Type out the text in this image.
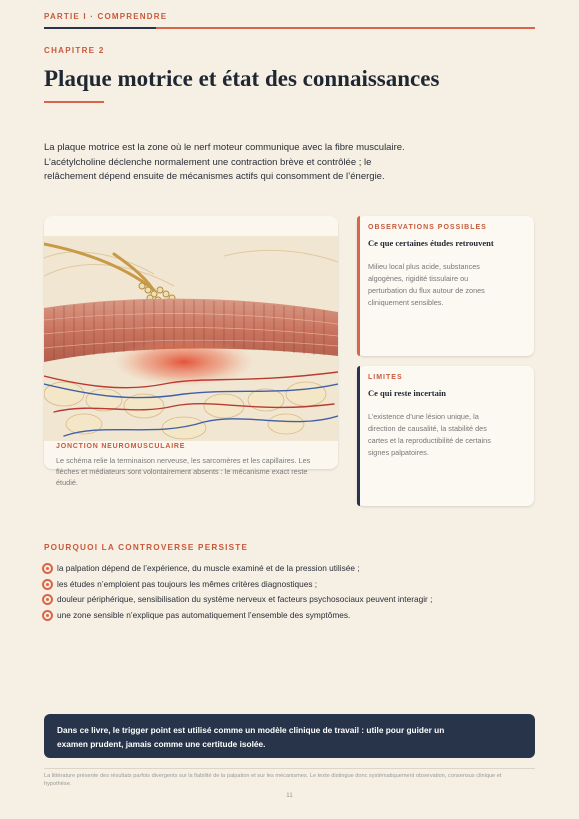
PARTIE I · COMPRENDRE
CHAPITRE 2
Plaque motrice et état des connaissances
La plaque motrice est la zone où le nerf moteur communique avec la fibre musculaire. L’acétylcholine déclenche normalement une contraction brève et contrôlée ; le relâchement dépend ensuite de mécanismes actifs qui consomment de l’énergie.
JONCTION NEUROMUSCULAIRE
Le schéma relie la terminaison nerveuse, les sarcomères et les capillaires. Les flèches et médiateurs sont volontairement absents : le mécanisme exact reste étudié.
OBSERVATIONS POSSIBLES
Ce que certaines études retrouvent
Milieu local plus acide, substances algogènes, rigidité tissulaire ou perturbation du flux autour de zones cliniquement sensibles.
LIMITES
Ce qui reste incertain
L’existence d’une lésion unique, la direction de causalité, la stabilité des cartes et la reproductibilité de certains signes palpatoires.
POURQUOI LA CONTROVERSE PERSISTE
la palpation dépend de l’expérience, du muscle examiné et de la pression utilisée ;
les études n’emploient pas toujours les mêmes critères diagnostiques ;
douleur périphérique, sensibilisation du système nerveux et facteurs psychosociaux peuvent interagir ;
une zone sensible n’explique pas automatiquement l’ensemble des symptômes.
Dans ce livre, le trigger point est utilisé comme un modèle clinique de travail : utile pour guider un examen prudent, jamais comme une certitude isolée.
La littérature présente des résultats parfois divergents sur la fiabilité de la palpation et sur les mécanismes. Le texte distingue donc systématiquement observation, consensus clinique et hypothèse.
11
